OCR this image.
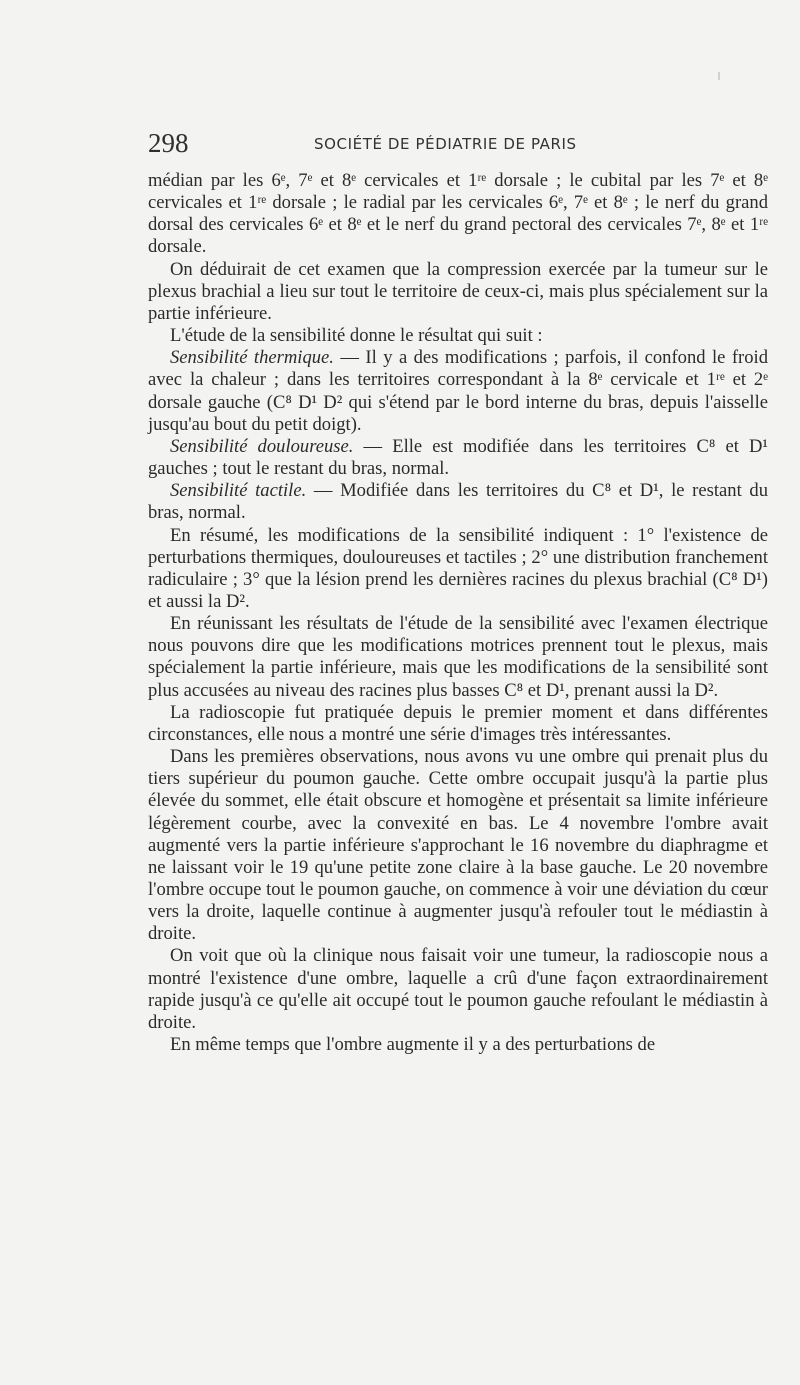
298	SOCIÉTÉ DE PÉDIATRIE DE PARIS

médian par les 6ᵉ, 7ᵉ et 8ᵉ cervicales et 1ʳᵉ dorsale ; le cubital par les 7ᵉ et 8ᵉ cervicales et 1ʳᵉ dorsale ; le radial par les cervicales 6ᵉ, 7ᵉ et 8ᵉ ; le nerf du grand dorsal des cervicales 6ᵉ et 8ᵉ et le nerf du grand pectoral des cervicales 7ᵉ, 8ᵉ et 1ʳᵉ dorsale.

On déduirait de cet examen que la compression exercée par la tumeur sur le plexus brachial a lieu sur tout le territoire de ceux-ci, mais plus spécialement sur la partie inférieure.

L'étude de la sensibilité donne le résultat qui suit :

Sensibilité thermique. — Il y a des modifications ; parfois, il confond le froid avec la chaleur ; dans les territoires correspondant à la 8ᵉ cervicale et 1ʳᵉ et 2ᵉ dorsale gauche (C⁸ D¹ D² qui s'étend par le bord interne du bras, depuis l'aisselle jusqu'au bout du petit doigt).

Sensibilité douloureuse. — Elle est modifiée dans les territoires C⁸ et D¹ gauches ; tout le restant du bras, normal.

Sensibilité tactile. — Modifiée dans les territoires du C⁸ et D¹, le restant du bras, normal.

En résumé, les modifications de la sensibilité indiquent : 1° l'existence de perturbations thermiques, douloureuses et tactiles ; 2° une distribution franchement radiculaire ; 3° que la lésion prend les dernières racines du plexus brachial (C⁸ D¹) et aussi la D².

En réunissant les résultats de l'étude de la sensibilité avec l'examen électrique nous pouvons dire que les modifications motrices prennent tout le plexus, mais spécialement la partie inférieure, mais que les modifications de la sensibilité sont plus accusées au niveau des racines plus basses C⁸ et D¹, prenant aussi la D².

La radioscopie fut pratiquée depuis le premier moment et dans différentes circonstances, elle nous a montré une série d'images très intéressantes.

Dans les premières observations, nous avons vu une ombre qui prenait plus du tiers supérieur du poumon gauche. Cette ombre occupait jusqu'à la partie plus élevée du sommet, elle était obscure et homogène et présentait sa limite inférieure légèrement courbe, avec la convexité en bas. Le 4 novembre l'ombre avait augmenté vers la partie inférieure s'approchant le 16 novembre du diaphragme et ne laissant voir le 19 qu'une petite zone claire à la base gauche. Le 20 novembre l'ombre occupe tout le poumon gauche, on commence à voir une déviation du cœur vers la droite, laquelle continue à augmenter jusqu'à refouler tout le médiastin à droite.

On voit que où la clinique nous faisait voir une tumeur, la radioscopie nous a montré l'existence d'une ombre, laquelle a crû d'une façon extraordinairement rapide jusqu'à ce qu'elle ait occupé tout le poumon gauche refoulant le médiastin à droite.

En même temps que l'ombre augmente il y a des perturbations de
